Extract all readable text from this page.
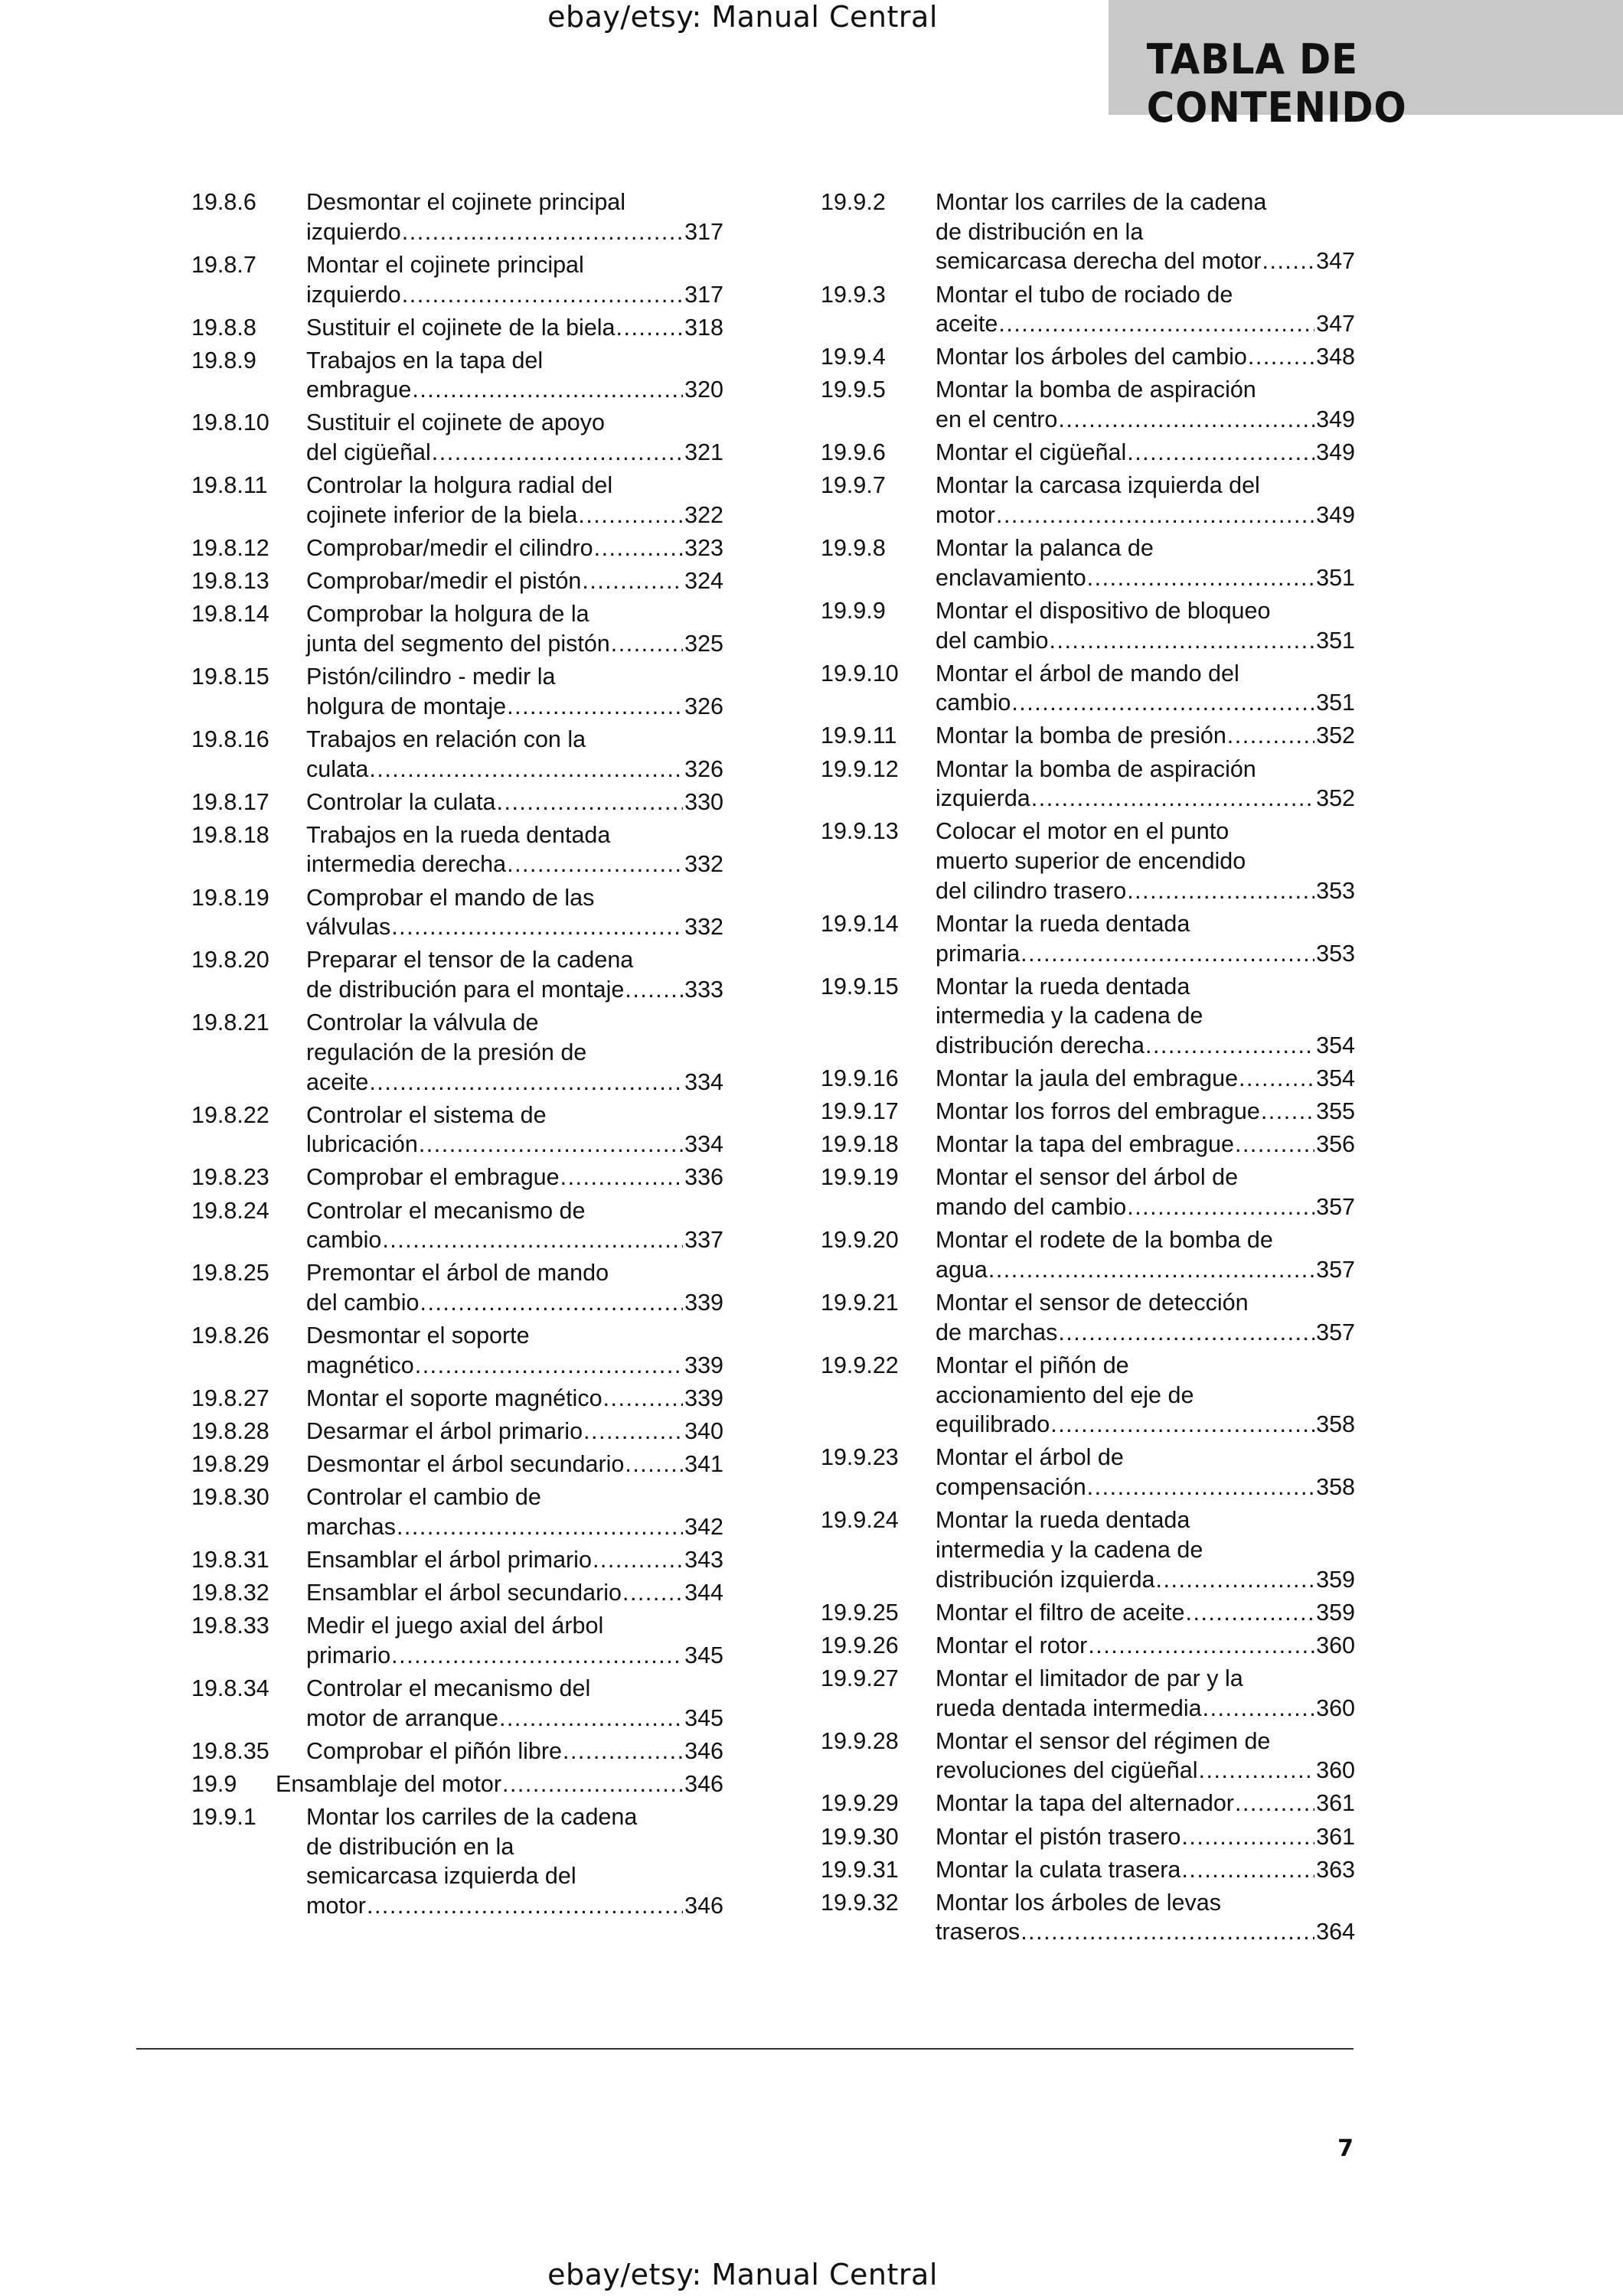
ebay/etsy: Manual Central
TABLA DE CONTENIDO
19.8.6 Desmontar el cojinete principal
izquierdo .....	317
19.8.7 Montar el cojinete principal
izquierdo .....	317
19.8.8 Sustituir el cojinete de la biela .....	318
19.8.9 Trabajos en la tapa del
embrague .....	320
19.8.10 Sustituir el cojinete de apoyo
del cigüeñal .....	321
19.8.11 Controlar la holgura radial del
cojinete inferior de la biela .....	322
19.8.12 Comprobar/medir el cilindro .....	323
19.8.13 Comprobar/medir el pistón .....	324
19.8.14 Comprobar la holgura de la
junta del segmento del pistón .....	325
19.8.15 Pistón/cilindro - medir la
holgura de montaje .....	326
19.8.16 Trabajos en relación con la
culata .....	326
19.8.17 Controlar la culata .....	330
19.8.18 Trabajos en la rueda dentada
intermedia derecha .....	332
19.8.19 Comprobar el mando de las
válvulas .....	332
19.8.20 Preparar el tensor de la cadena
de distribución para el montaje .....	333
19.8.21 Controlar la válvula de
regulación de la presión de
aceite .....	334
19.8.22 Controlar el sistema de
lubricación .....	334
19.8.23 Comprobar el embrague .....	336
19.8.24 Controlar el mecanismo de
cambio .....	337
19.8.25 Premontar el árbol de mando
del cambio .....	339
19.8.26 Desmontar el soporte
magnético .....	339
19.8.27 Montar el soporte magnético .....	339
19.8.28 Desarmar el árbol primario .....	340
19.8.29 Desmontar el árbol secundario .....	341
19.8.30 Controlar el cambio de
marchas .....	342
19.8.31 Ensamblar el árbol primario .....	343
19.8.32 Ensamblar el árbol secundario .....	344
19.8.33 Medir el juego axial del árbol
primario .....	345
19.8.34 Controlar el mecanismo del
motor de arranque .....	345
19.8.35 Comprobar el piñón libre .....	346
19.9 Ensamblaje del motor .....	346
19.9.1 Montar los carriles de la cadena
de distribución en la
semicarcasa izquierda del
motor .....	346
19.9.2 Montar los carriles de la cadena
de distribución en la
semicarcasa derecha del motor ..... 347
19.9.3 Montar el tubo de rociado de
aceite .....	347
19.9.4 Montar los árboles del cambio .....	348
19.9.5 Montar la bomba de aspiración
en el centro .....	349
19.9.6 Montar el cigüeñal .....	349
19.9.7 Montar la carcasa izquierda del
motor .....	349
19.9.8 Montar la palanca de
enclavamiento .....	351
19.9.9 Montar el dispositivo de bloqueo
del cambio .....	351
19.9.10 Montar el árbol de mando del
cambio .....	351
19.9.11 Montar la bomba de presión .....	352
19.9.12 Montar la bomba de aspiración
izquierda .....	352
19.9.13 Colocar el motor en el punto
muerto superior de encendido
del cilindro trasero .....	353
19.9.14 Montar la rueda dentada
primaria .....	353
19.9.15 Montar la rueda dentada
intermedia y la cadena de
distribución derecha .....	354
19.9.16 Montar la jaula del embrague .....	354
19.9.17 Montar los forros del embrague ..... 355
19.9.18 Montar la tapa del embrague .....	356
19.9.19 Montar el sensor del árbol de
mando del cambio .....	357
19.9.20 Montar el rodete de la bomba de
agua .....	357
19.9.21 Montar el sensor de detección
de marchas .....	357
19.9.22 Montar el piñón de
accionamiento del eje de
equilibrado .....	358
19.9.23 Montar el árbol de
compensación .....	358
19.9.24 Montar la rueda dentada
intermedia y la cadena de
distribución izquierda .....	359
19.9.25 Montar el filtro de aceite .....	359
19.9.26 Montar el rotor .....	360
19.9.27 Montar el limitador de par y la
rueda dentada intermedia .....	360
19.9.28 Montar el sensor del régimen de
revoluciones del cigüeñal .....	360
19.9.29 Montar la tapa del alternador .....	361
19.9.30 Montar el pistón trasero .....	361
19.9.31 Montar la culata trasera .....	363
19.9.32 Montar los árboles de levas
traseros .....	364
7
ebay/etsy: Manual Central
